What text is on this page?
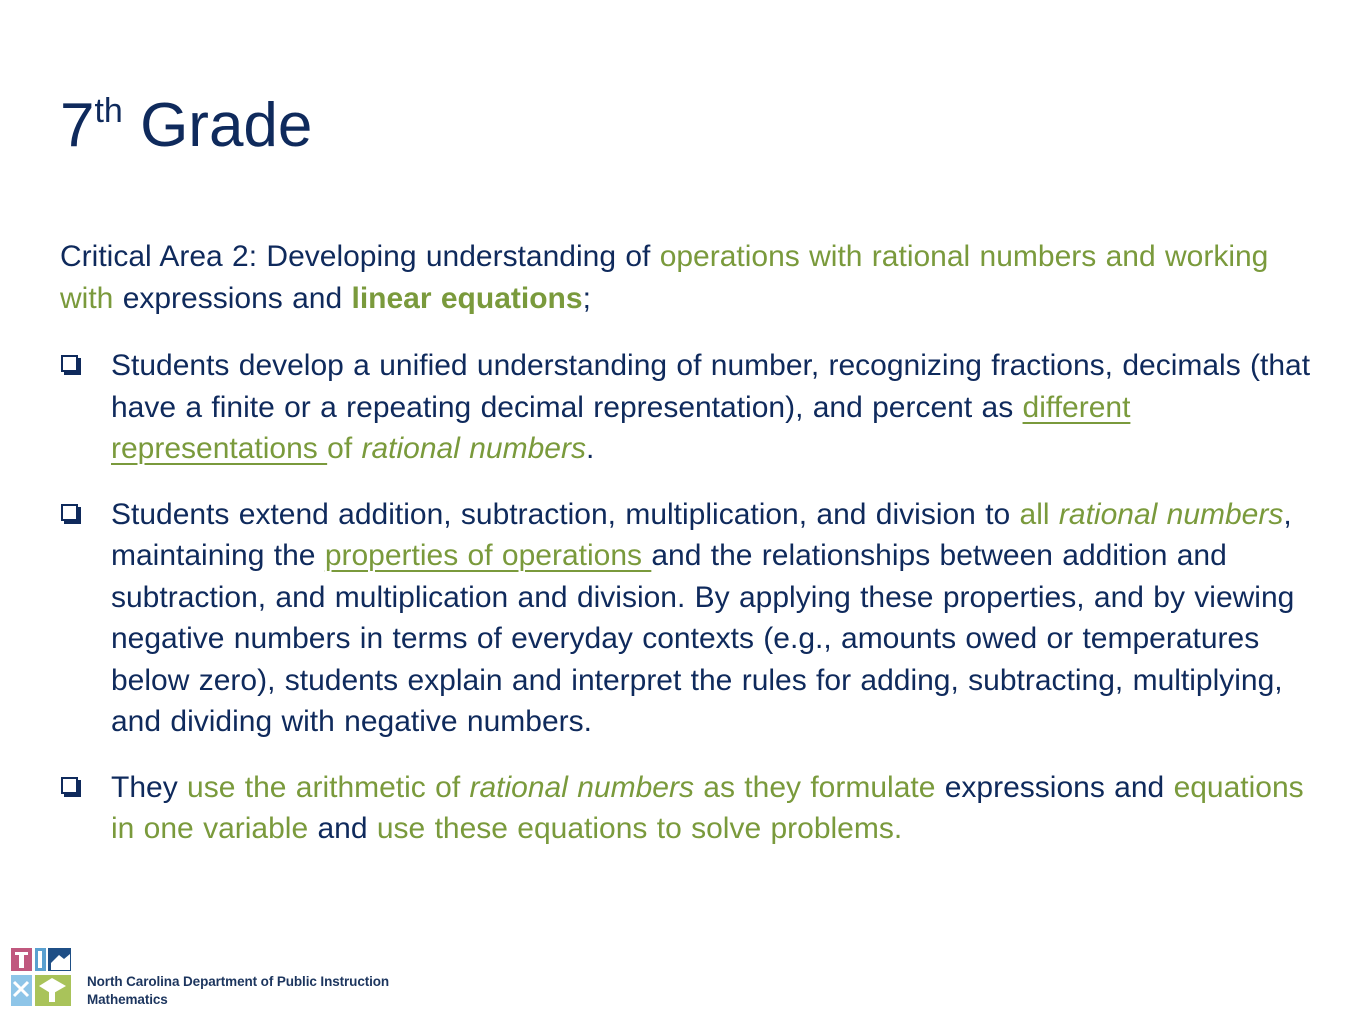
7th Grade

Critical Area 2: Developing understanding of operations with rational numbers and working with expressions and linear equations;

Students develop a unified understanding of number, recognizing fractions, decimals (that have a finite or a repeating decimal representation), and percent as different representations of rational numbers.

Students extend addition, subtraction, multiplication, and division to all rational numbers, maintaining the properties of operations and the relationships between addition and subtraction, and multiplication and division. By applying these properties, and by viewing negative numbers in terms of everyday contexts (e.g., amounts owed or temperatures below zero), students explain and interpret the rules for adding, subtracting, multiplying, and dividing with negative numbers.

They use the arithmetic of rational numbers as they formulate expressions and equations in one variable and use these equations to solve problems.

North Carolina Department of Public Instruction
Mathematics
